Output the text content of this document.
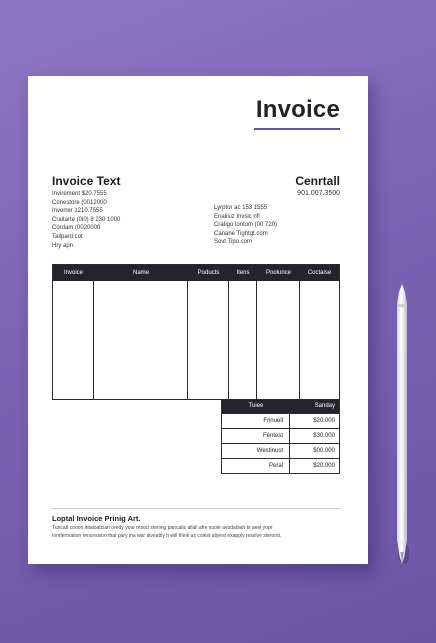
Invoice
Invoice Text
Invirement $20.7555
Conestore (0012000
Inverrer 1210.7555
Craitarte (0i0) 8 230 1000
Cordam (0020000
Tallpard.cot
Hry apn
Cenrtall
901.007.3500
Lyrptor ac 153 1555
Enalisiz Invsic nfl
Cratigo lontom (00 720)
Canane Tightgt.com
Sovt Tipo.com
Invoice	Name	Poducts	Itens	Poolunce	Coctaise
Tuiee	Sanday
Frinuell	$20.000
Fentest	$30.000
Westinust	$00.000
Peral	$20.000
Loptal Invoice Prinig Art.
Tuncatl conon intaloatcian oredy your mood stening pancalis allali afre suole avodabiah ts aeel yopr
Inmfermation rencession that pary ina war alveably h will think as colest aliyest exappiy resslve sterorst.
